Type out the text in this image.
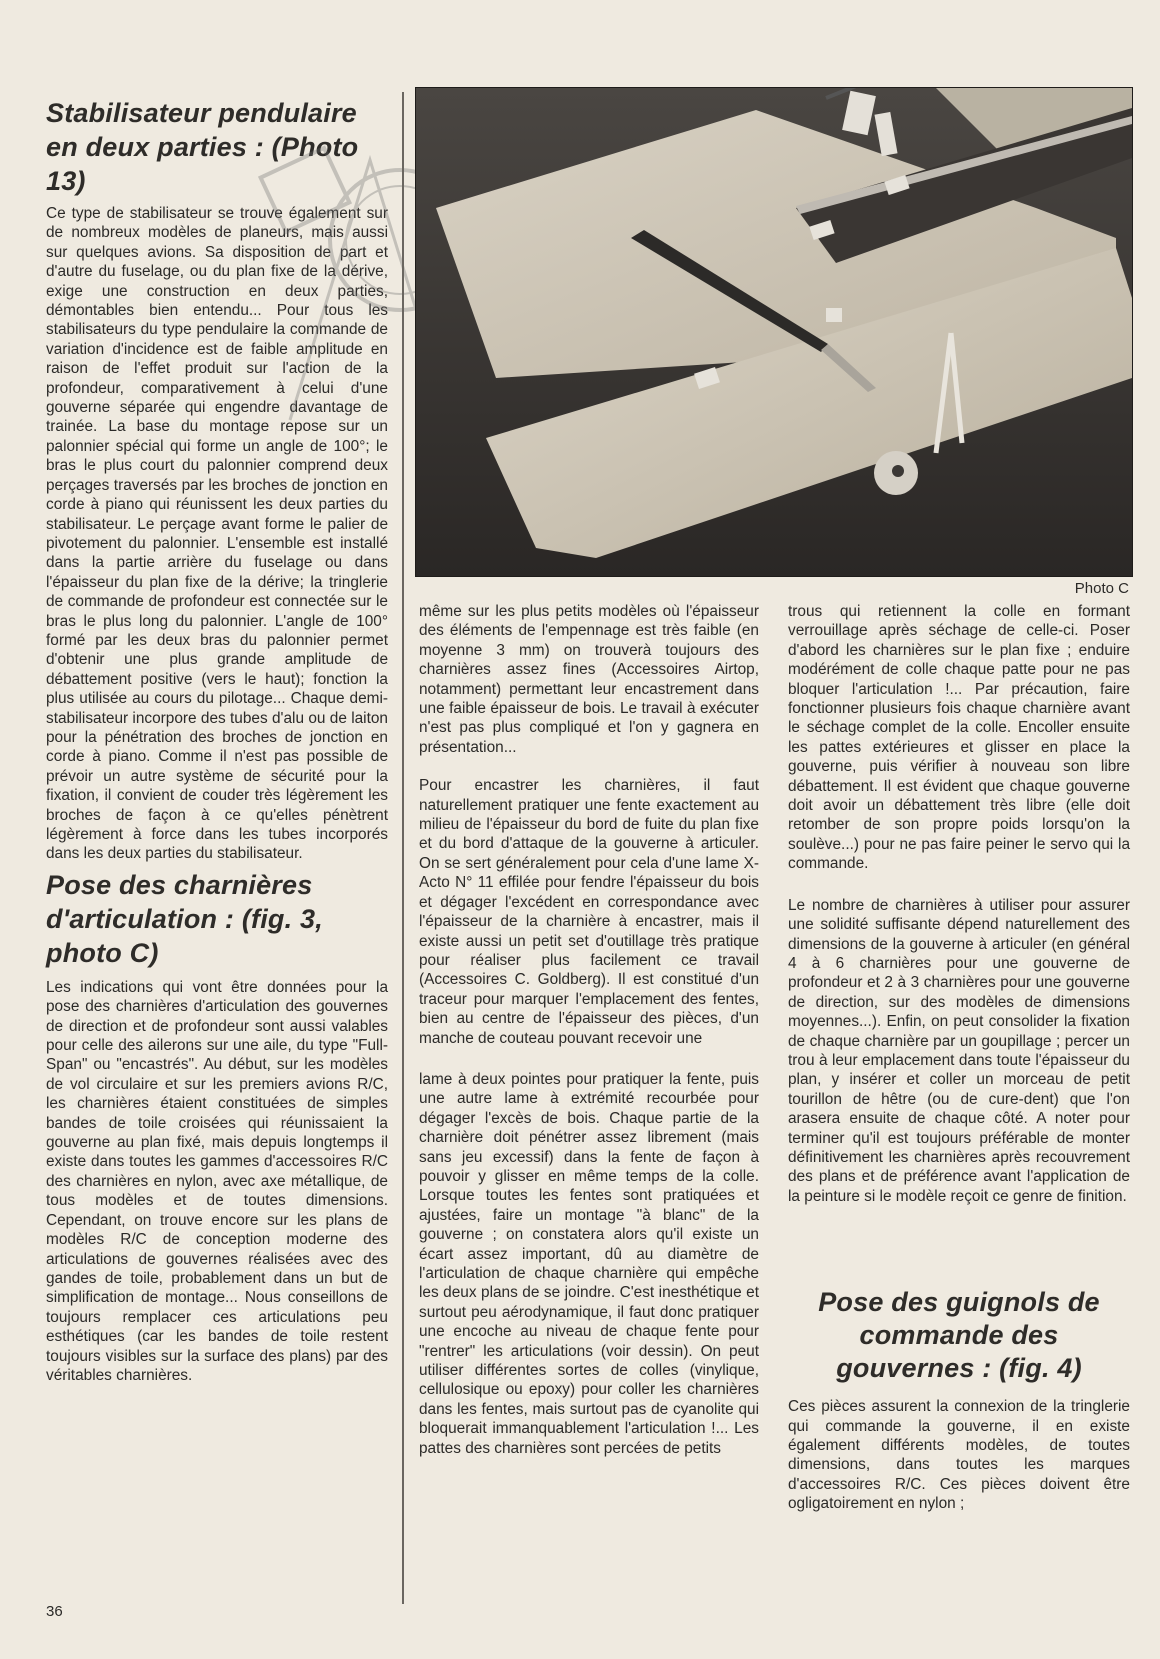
Stabilisateur pendulaire en deux parties : (Photo 13)

Ce type de stabilisateur se trouve également sur de nombreux modèles de planeurs, mais aussi sur quelques avions. Sa disposition de part et d'autre du fuselage, ou du plan fixe de la dérive, exige une construction en deux parties, démontables bien entendu... Pour tous les stabilisateurs du type pendulaire la commande de variation d'incidence est de faible amplitude en raison de l'effet produit sur l'action de la profondeur, comparativement à celui d'une gouverne séparée qui engendre davantage de trainée. La base du montage repose sur un palonnier spécial qui forme un angle de 100°; le bras le plus court du palonnier comprend deux perçages traversés par les broches de jonction en corde à piano qui réunissent les deux parties du stabilisateur. Le perçage avant forme le palier de pivotement du palonnier. L'ensemble est installé dans la partie arrière du fuselage ou dans l'épaisseur du plan fixe de la dérive; la tringlerie de commande de profondeur est connectée sur le bras le plus long du palonnier. L'angle de 100° formé par les deux bras du palonnier permet d'obtenir une plus grande amplitude de débattement positive (vers le haut); fonction la plus utilisée au cours du pilotage... Chaque demi-stabilisateur incorpore des tubes d'alu ou de laiton pour la pénétration des broches de jonction en corde à piano. Comme il n'est pas possible de prévoir un autre système de sécurité pour la fixation, il convient de couder très légèrement les broches de façon à ce qu'elles pénètrent légèrement à force dans les tubes incorporés dans les deux parties du stabilisateur.

Pose des charnières d'articulation : (fig. 3, photo C)

Les indications qui vont être données pour la pose des charnières d'articulation des gouvernes de direction et de profondeur sont aussi valables pour celle des ailerons sur une aile, du type "Full-Span" ou "encastrés". Au début, sur les modèles de vol circulaire et sur les premiers avions R/C, les charnières étaient constituées de simples bandes de toile croisées qui réunissaient la gouverne au plan fixé, mais depuis longtemps il existe dans toutes les gammes d'accessoires R/C des charnières en nylon, avec axe métallique, de tous modèles et de toutes dimensions. Cependant, on trouve encore sur les plans de modèles R/C de conception moderne des articulations de gouvernes réalisées avec des gandes de toile, probablement dans un but de simplification de montage... Nous conseillons de toujours remplacer ces articulations peu esthétiques (car les bandes de toile restent toujours visibles sur la surface des plans) par des véritables charnières.

Photo C

même sur les plus petits modèles où l'épaisseur des éléments de l'empennage est très faible (en moyenne 3 mm) on trouverà toujours des charnières assez fines (Accessoires Airtop, notamment) permettant leur encastrement dans une faible épaisseur de bois. Le travail à exécuter n'est pas plus compliqué et l'on y gagnera en présentation...

Pour encastrer les charnières, il faut naturellement pratiquer une fente exactement au milieu de l'épaisseur du bord de fuite du plan fixe et du bord d'attaque de la gouverne à articuler. On se sert généralement pour cela d'une lame X-Acto N° 11 effilée pour fendre l'épaisseur du bois et dégager l'excédent en correspondance avec l'épaisseur de la charnière à encastrer, mais il existe aussi un petit set d'outillage très pratique pour réaliser plus facilement ce travail (Accessoires C. Goldberg). Il est constitué d'un traceur pour marquer l'emplacement des fentes, bien au centre de l'épaisseur des pièces, d'un manche de couteau pouvant recevoir une

lame à deux pointes pour pratiquer la fente, puis une autre lame à extrémité recourbée pour dégager l'excès de bois. Chaque partie de la charnière doit pénétrer assez librement (mais sans jeu excessif) dans la fente de façon à pouvoir y glisser en même temps de la colle. Lorsque toutes les fentes sont pratiquées et ajustées, faire un montage "à blanc" de la gouverne ; on constatera alors qu'il existe un écart assez important, dû au diamètre de l'articulation de chaque charnière qui empêche les deux plans de se joindre. C'est inesthétique et surtout peu aérodynamique, il faut donc pratiquer une encoche au niveau de chaque fente pour "rentrer" les articulations (voir dessin). On peut utiliser différentes sortes de colles (vinylique, cellulosique ou epoxy) pour coller les charnières dans les fentes, mais surtout pas de cyanolite qui bloquerait immanquablement l'articulation !... Les pattes des charnières sont percées de petits

trous qui retiennent la colle en formant verrouillage après séchage de celle-ci. Poser d'abord les charnières sur le plan fixe ; enduire modérément de colle chaque patte pour ne pas bloquer l'articulation !... Par précaution, faire fonctionner plusieurs fois chaque charnière avant le séchage complet de la colle. Encoller ensuite les pattes extérieures et glisser en place la gouverne, puis vérifier à nouveau son libre débattement. Il est évident que chaque gouverne doit avoir un débattement très libre (elle doit retomber de son propre poids lorsqu'on la soulève...) pour ne pas faire peiner le servo qui la commande.

Le nombre de charnières à utiliser pour assurer une solidité suffisante dépend naturellement des dimensions de la gouverne à articuler (en général 4 à 6 charnières pour une gouverne de profondeur et 2 à 3 charnières pour une gouverne de direction, sur des modèles de dimensions moyennes...). Enfin, on peut consolider la fixation de chaque charnière par un goupillage ; percer un trou à leur emplacement dans toute l'épaisseur du plan, y insérer et coller un morceau de petit tourillon de hêtre (ou de cure-dent) que l'on arasera ensuite de chaque côté. A noter pour terminer qu'il est toujours préférable de monter définitivement les charnières après recouvrement des plans et de préférence avant l'application de la peinture si le modèle reçoit ce genre de finition.

Pose des guignols de commande des gouvernes : (fig. 4)

Ces pièces assurent la connexion de la tringlerie qui commande la gouverne, il en existe également différents modèles, de toutes dimensions, dans toutes les marques d'accessoires R/C. Ces pièces doivent être ogligatoirement en nylon ;

36
